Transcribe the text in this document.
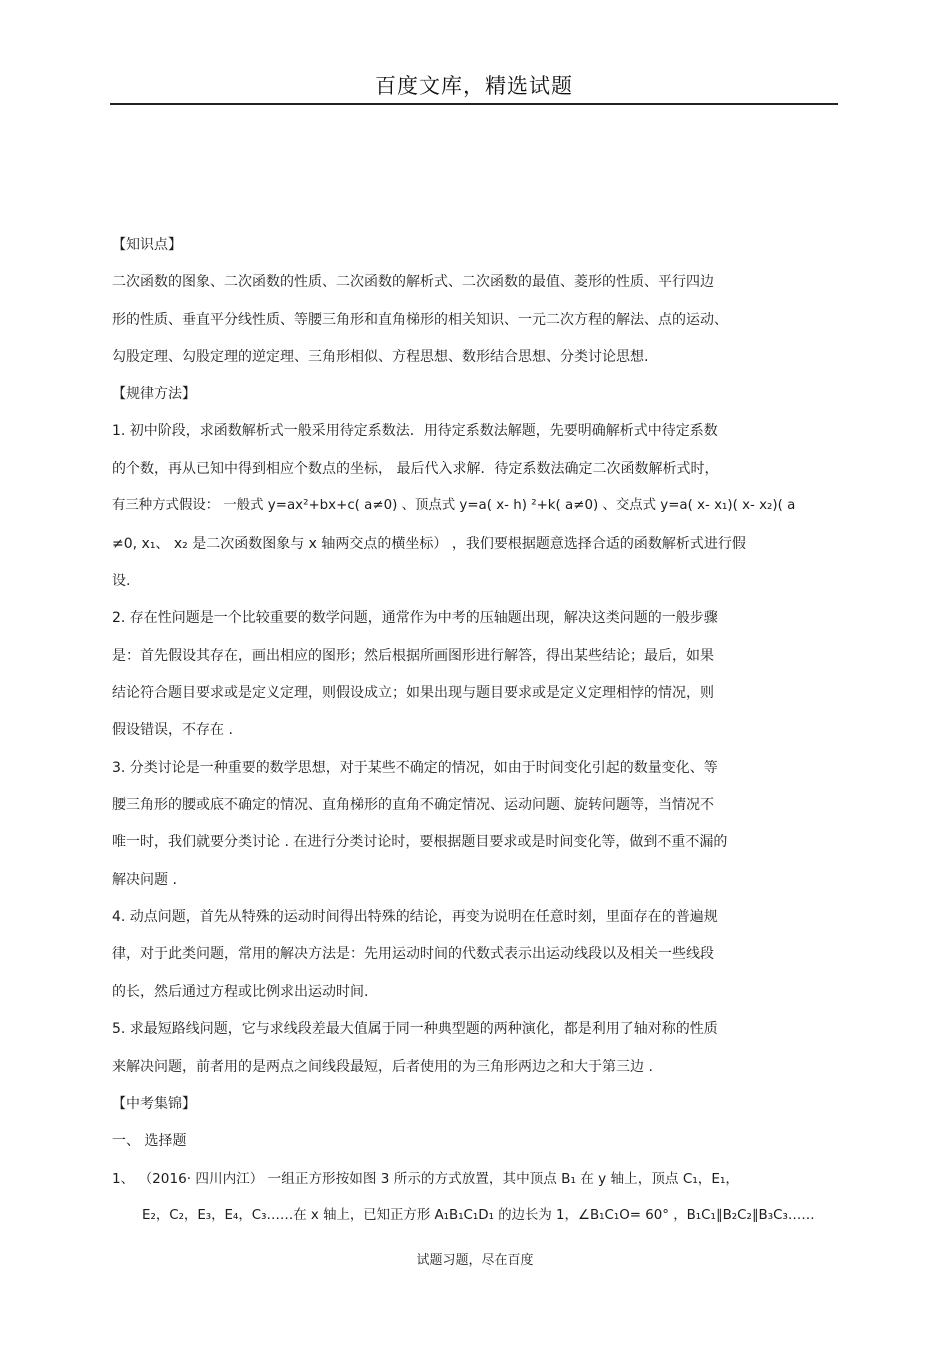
百度文库，精选试题
【知识点】
二次函数的图象、二次函数的性质、二次函数的解析式、二次函数的最值、菱形的性质、平行四边
形的性质、垂直平分线性质、等腰三角形和直角梯形的相关知识、一元二次方程的解法、点的运动、
勾股定理、勾股定理的逆定理、三角形相似、方程思想、数形结合思想、分类讨论思想.
【规律方法】
1. 初中阶段，求函数解析式一般采用待定系数法．用待定系数法解题，先要明确解析式中待定系数
的个数，再从已知中得到相应个数点的坐标， 最后代入求解．待定系数法确定二次函数解析式时，
有三种方式假设： 一般式 y=ax²+bx+c( a≠0) 、顶点式 y=a( x- h) ²+k( a≠0) 、交点式 y=a( x- x₁)( x- x₂)( a
≠0, x₁、 x₂ 是二次函数图象与 x 轴两交点的横坐标） ，我们要根据题意选择合适的函数解析式进行假
设.
2. 存在性问题是一个比较重要的数学问题，通常作为中考的压轴题出现，解决这类问题的一般步骤
是：首先假设其存在，画出相应的图形；然后根据所画图形进行解答，得出某些结论；最后，如果
结论符合题目要求或是定义定理，则假设成立；如果出现与题目要求或是定义定理相悖的情况，则
假设错误，不存在 .
3. 分类讨论是一种重要的数学思想，对于某些不确定的情况，如由于时间变化引起的数量变化、等
腰三角形的腰或底不确定的情况、直角梯形的直角不确定情况、运动问题、旋转问题等，当情况不
唯一时，我们就要分类讨论 . 在进行分类讨论时，要根据题目要求或是时间变化等，做到不重不漏的
解决问题 .
4. 动点问题，首先从特殊的运动时间得出特殊的结论，再变为说明在任意时刻，里面存在的普遍规
律，对于此类问题，常用的解决方法是：先用运动时间的代数式表示出运动线段以及相关一些线段
的长，然后通过方程或比例求出运动时间.
5. 求最短路线问题，它与求线段差最大值属于同一种典型题的两种演化，都是利用了轴对称的性质
来解决问题，前者用的是两点之间线段最短，后者使用的为三角形两边之和大于第三边 .
【中考集锦】
一、 选择题
1、 （2016· 四川内江） 一组正方形按如图 3 所示的方式放置，其中顶点 B₁ 在 y 轴上，顶点 C₁，E₁，
E₂，C₂，E₃，E₄，C₃……在 x 轴上，已知正方形 A₁B₁C₁D₁ 的边长为 1，∠B₁C₁O= 60° ，B₁C₁∥B₂C₂∥B₃C₃……
试题习题，尽在百度
